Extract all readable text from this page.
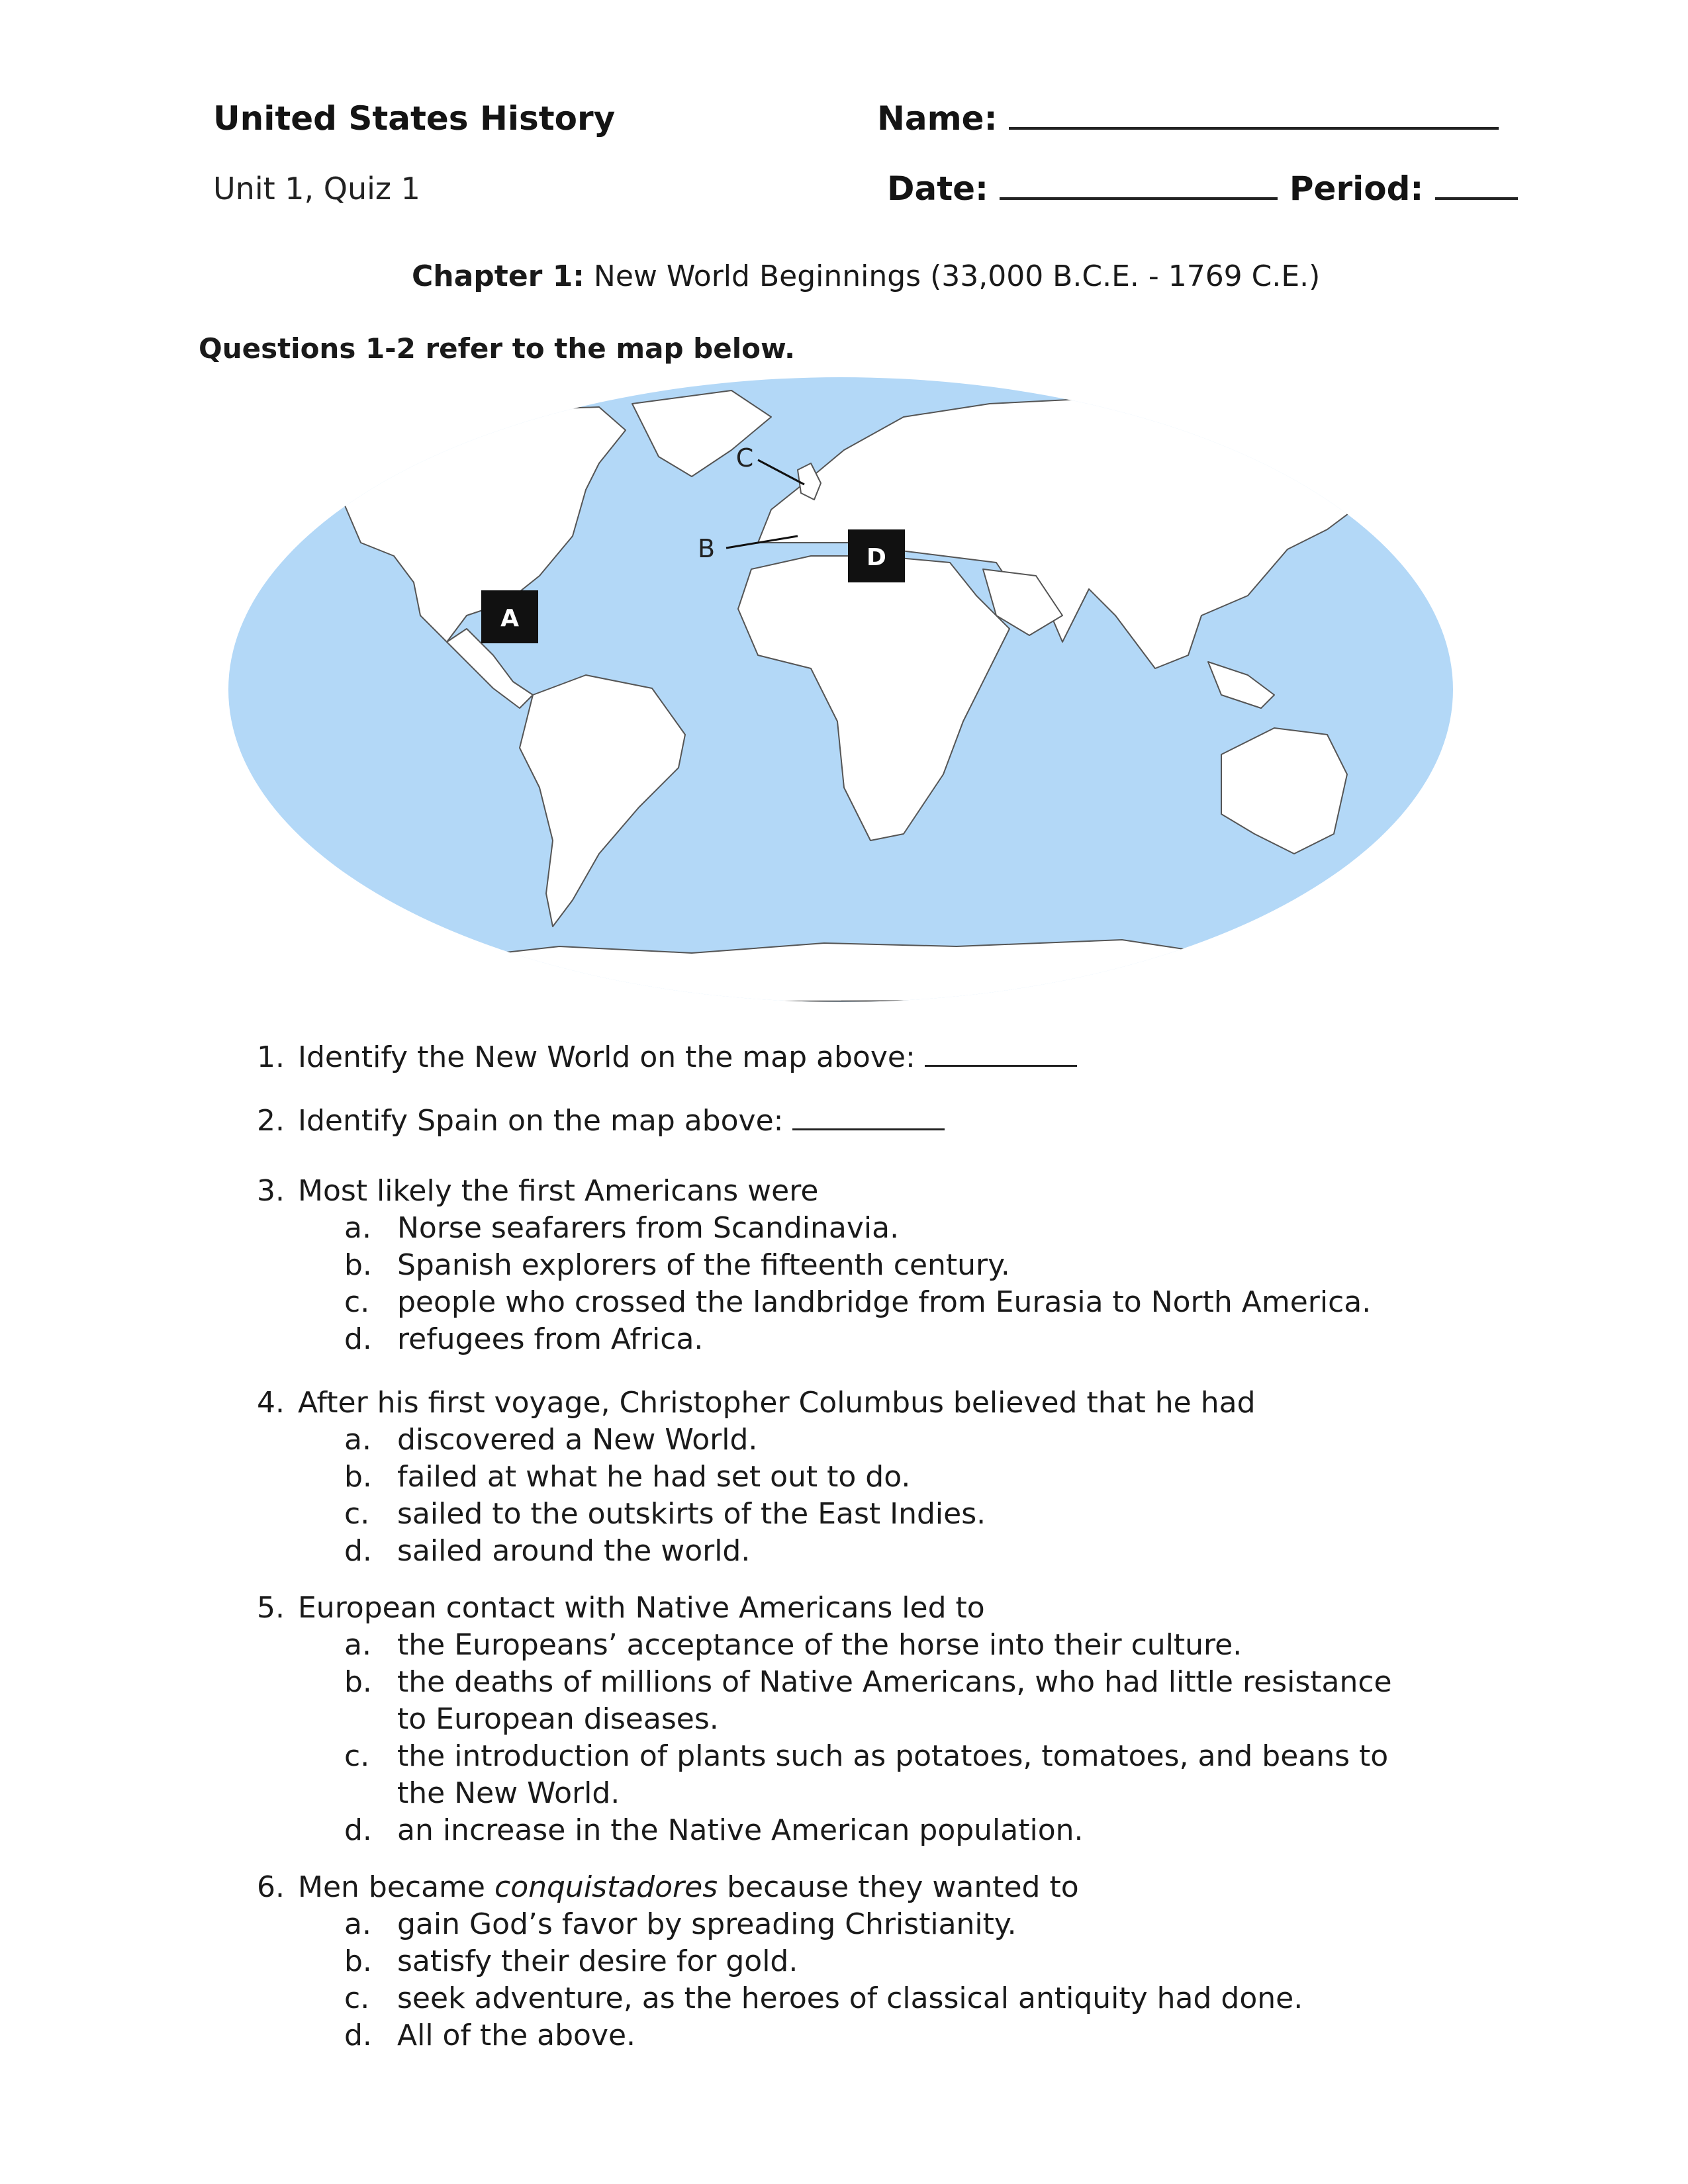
United States History
Unit 1, Quiz 1
Name:
Date:	Period:
Chapter 1: New World Beginnings (33,000 B.C.E. - 1769 C.E.)
Questions 1-2 refer to the map below.
A
D
B
C
1. Identify the New World on the map above:
2. Identify Spain on the map above:
3. Most likely the first Americans were
a. Norse seafarers from Scandinavia.
b. Spanish explorers of the fifteenth century.
c. people who crossed the landbridge from Eurasia to North America.
d. refugees from Africa.
4. After his first voyage, Christopher Columbus believed that he had
a. discovered a New World.
b. failed at what he had set out to do.
c. sailed to the outskirts of the East Indies.
d. sailed around the world.
5. European contact with Native Americans led to
a. the Europeans’ acceptance of the horse into their culture.
b. the deaths of millions of Native Americans, who had little resistance to European diseases.
c. the introduction of plants such as potatoes, tomatoes, and beans to the New World.
d. an increase in the Native American population.
6. Men became conquistadores because they wanted to
a. gain God’s favor by spreading Christianity.
b. satisfy their desire for gold.
c. seek adventure, as the heroes of classical antiquity had done.
d. All of the above.
